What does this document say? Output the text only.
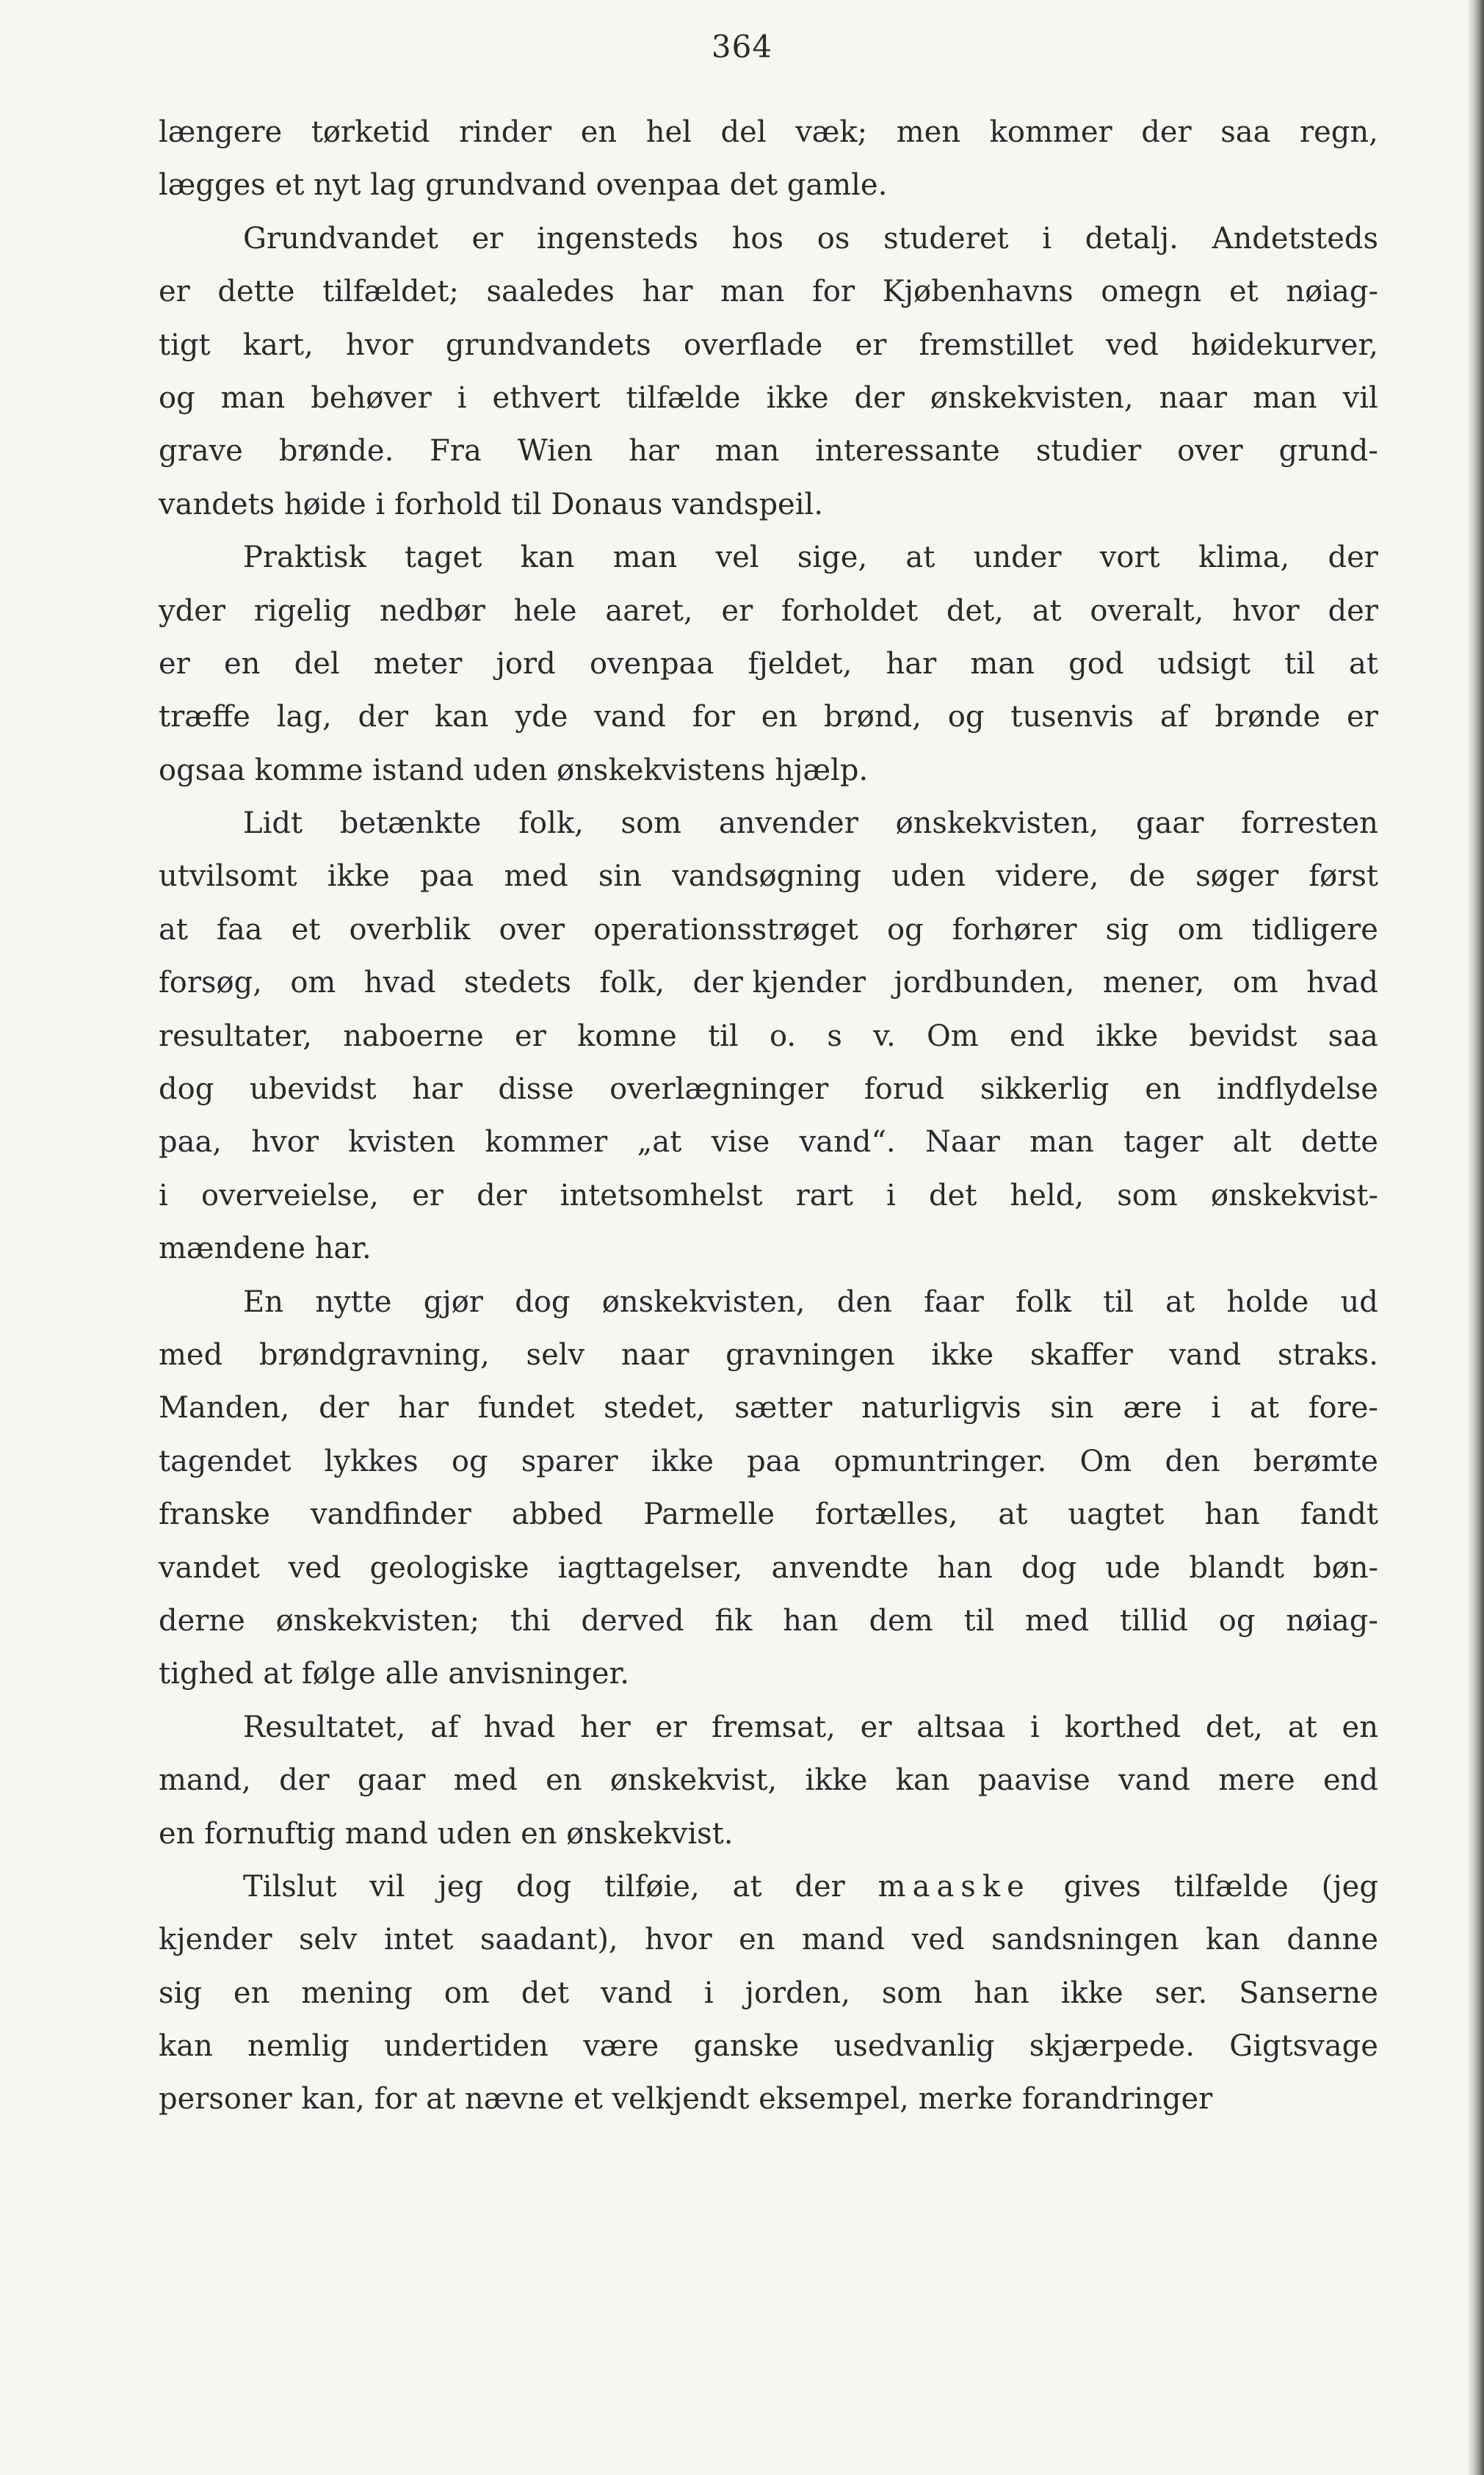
364
længere tørketid rinder en hel del væk; men kommer der saa regn,
lægges
et
nyt
lag
grundvand
ovenpaa
det
gamle.
Grundvandet er ingensteds hos os studeret i detalj. Andetsteds
er dette tilfældet; saaledes har man for Kjøbenhavns omegn et nøiag-
tigt kart, hvor grundvandets overflade er fremstillet ved høidekurver,
og man behøver i ethvert tilfælde ikke der ønskekvisten, naar man vil
grave brønde. Fra Wien har man interessante studier over grund-
vandets
høide
i
forhold
til
Donaus
vandspeil.
Praktisk taget kan man vel sige, at under vort klima, der
yder rigelig nedbør hele aaret, er forholdet det, at overalt, hvor der
er en del meter jord ovenpaa fjeldet, har man god udsigt til at
træffe lag, der kan yde vand for en brønd, og tusenvis af brønde er
ogsaa
komme
istand
uden
ønskekvistens
hjælp.
Lidt betænkte folk, som anvender ønskekvisten, gaar forresten
utvilsomt ikke paa med sin vandsøgning uden videre, de søger først
at faa et overblik over operationsstrøget og forhører sig om tidligere
forsøg, om hvad stedets folk, der kjender jordbunden, mener, om hvad
resultater, naboerne er komne til o. s v. Om end ikke bevidst saa
dog ubevidst har disse overlægninger forud sikkerlig en indflydelse
paa, hvor kvisten kommer „at vise vand“. Naar man tager alt dette
i overveielse, er der intetsomhelst rart i det held, som ønskekvist-
mændene
har.
En nytte gjør dog ønskekvisten, den faar folk til at holde ud
med brøndgravning, selv naar gravningen ikke skaffer vand straks.
Manden, der har fundet stedet, sætter naturligvis sin ære i at fore-
tagendet lykkes og sparer ikke paa opmuntringer. Om den berømte
franske vandfinder abbed Parmelle fortælles, at uagtet han fandt
vandet ved geologiske iagttagelser, anvendte han dog ude blandt bøn-
derne ønskekvisten; thi derved fik han dem til med tillid og nøiag-
tighed
at
følge
alle
anvisninger.
Resultatet, af hvad her er fremsat, er altsaa i korthed det, at en
mand, der gaar med en ønskekvist, ikke kan paavise vand mere end
en
fornuftig
mand
uden
en
ønskekvist.
Tilslut vil jeg dog tilføie, at der maaske gives tilfælde (jeg
kjender selv intet saadant), hvor en mand ved sandsningen kan danne
sig en mening om det vand i jorden, som han ikke ser. Sanserne
kan nemlig undertiden være ganske usedvanlig skjærpede. Gigtsvage
personer
kan,
for
at
nævne
et
velkjendt
eksempel,
merke
forandringer
